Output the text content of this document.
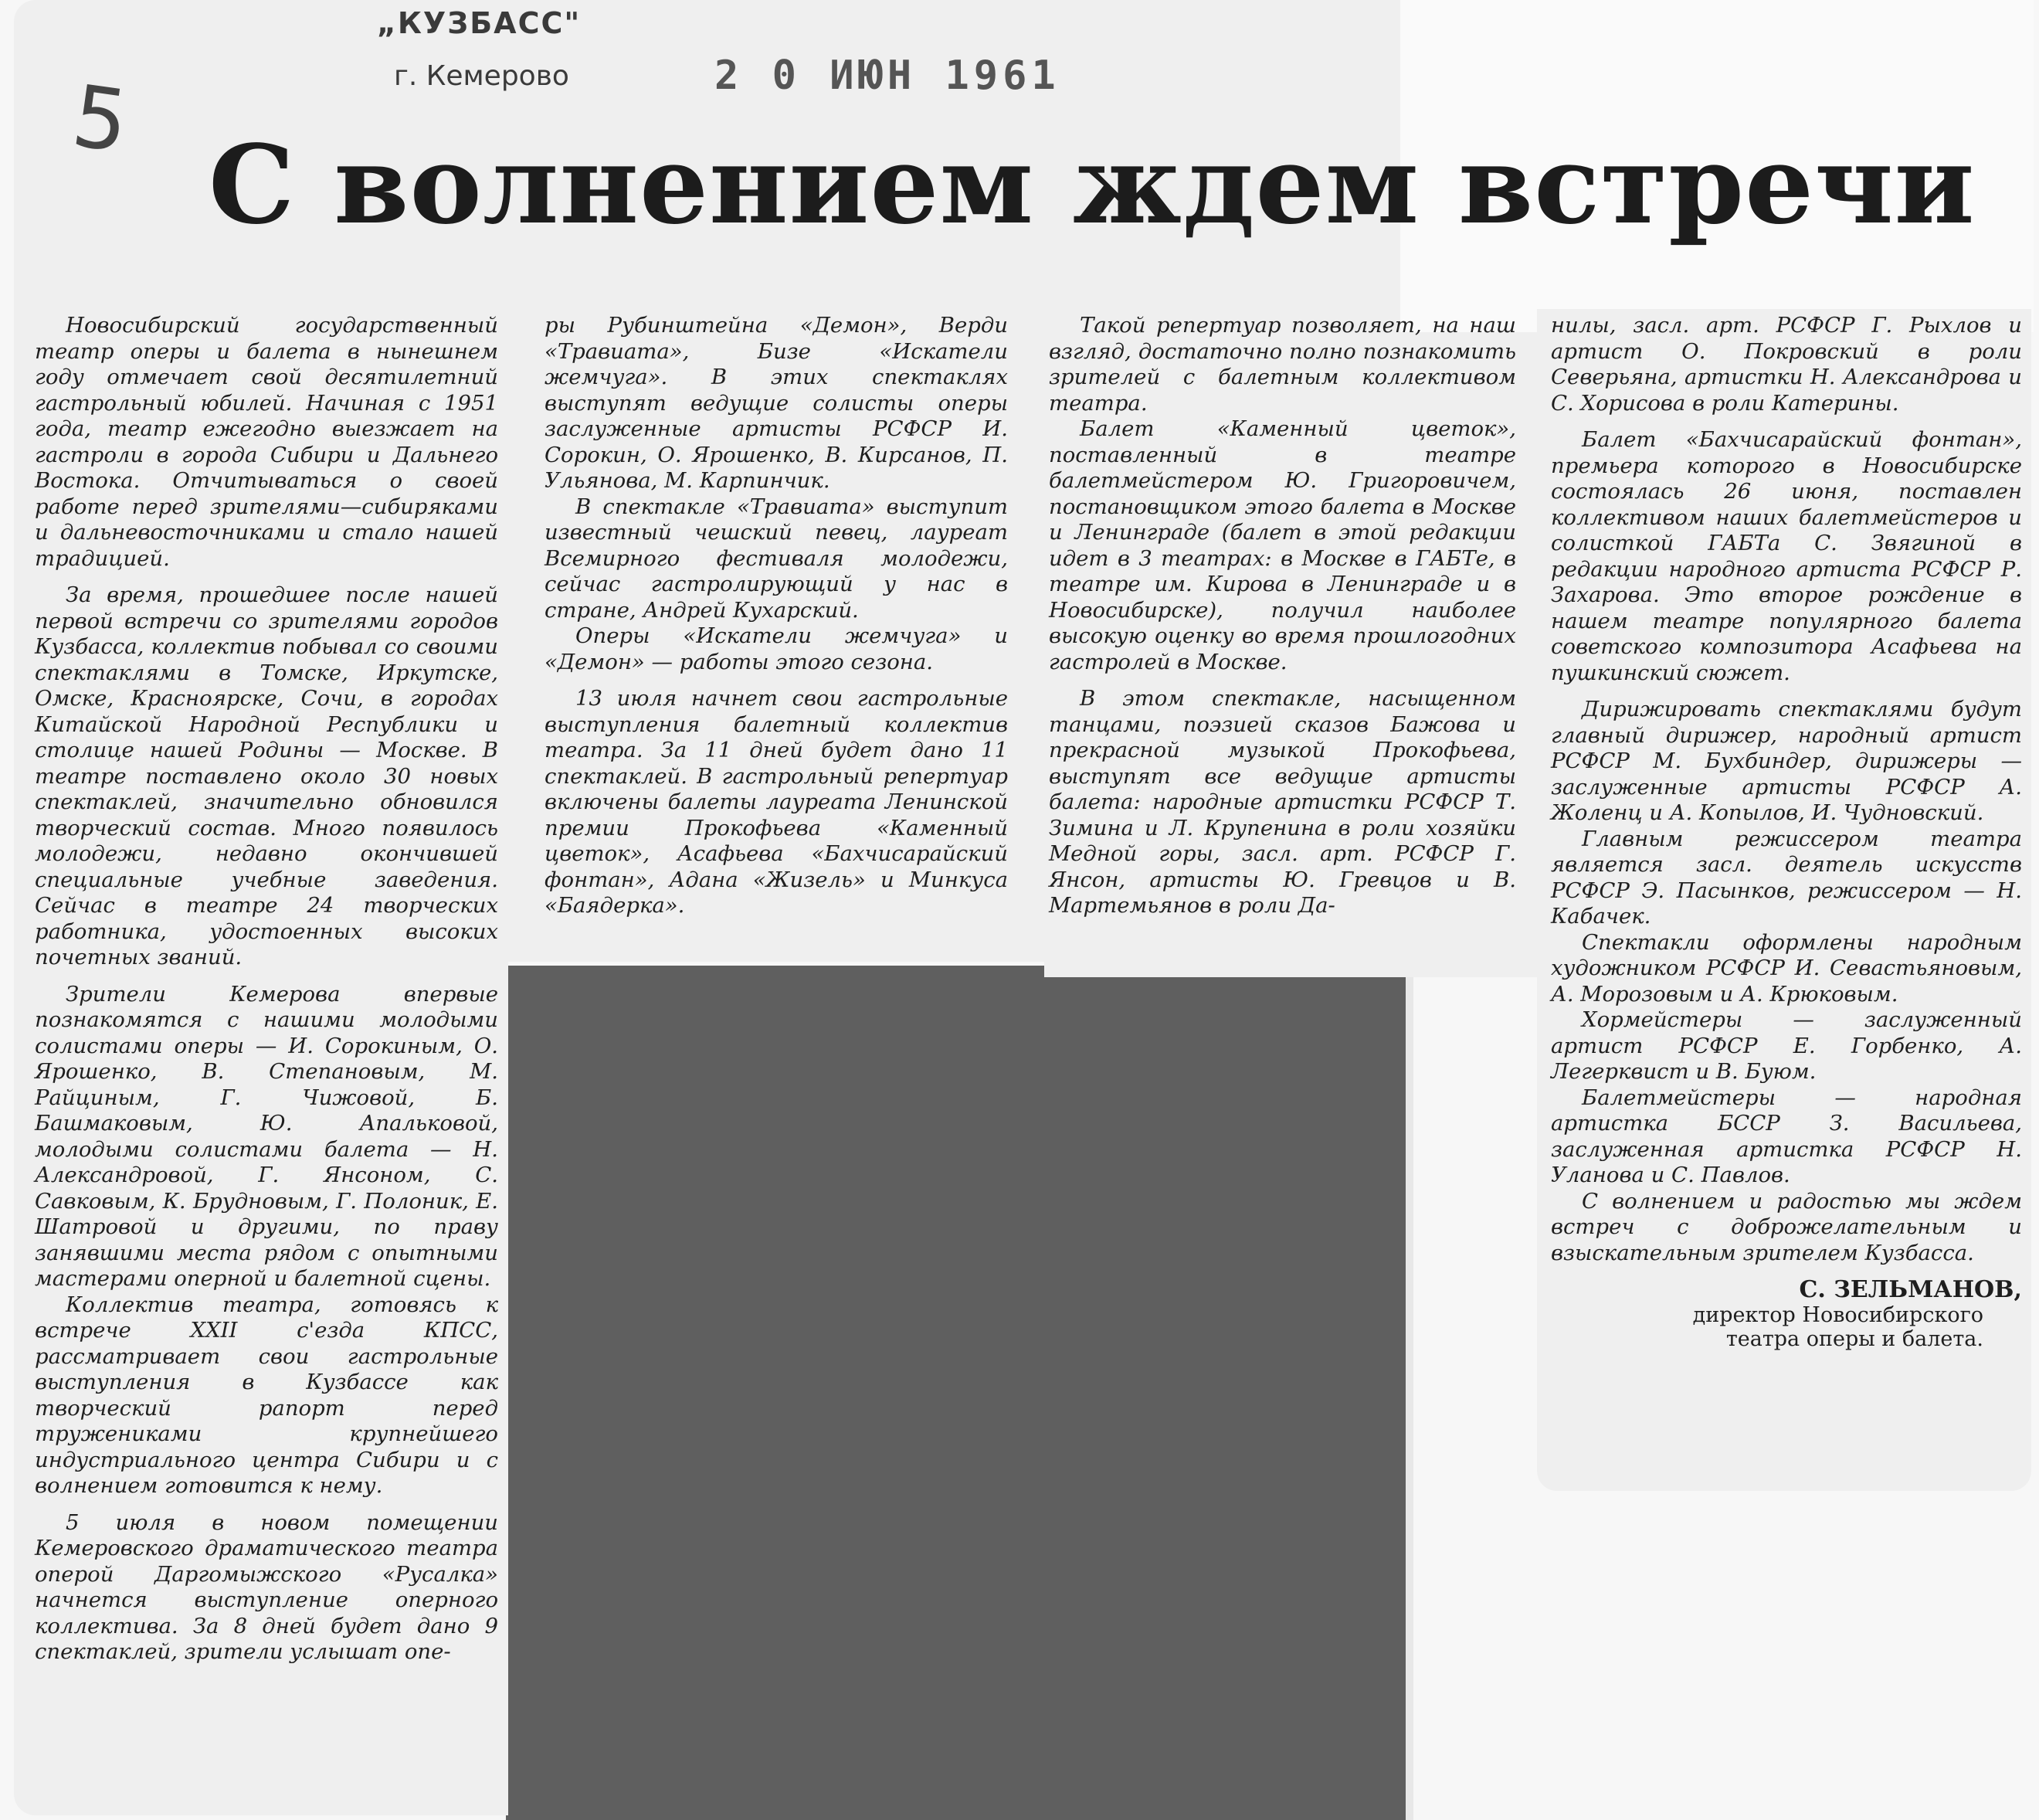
„КУЗБАСС"
г. Кемерово	2 0 ИЮН 1961
5
С волнением ждем встречи

Новосибирский государственный театр оперы и балета в нынешнем году отмечает свой десятилетний гастрольный юбилей. Начиная с 1951 года, театр ежегодно выезжает на гастроли в города Сибири и Дальнего Востока. Отчитываться о своей работе перед зрителями—сибиряками и дальневосточниками и стало нашей традицией.

За время, прошедшее после нашей первой встречи со зрителями городов Кузбасса, коллектив побывал со своими спектаклями в Томске, Иркутске, Омске, Красноярске, Сочи, в городах Китайской Народной Республики и столице нашей Родины — Москве. В театре поставлено около 30 новых спектаклей, значительно обновился творческий состав. Много появилось молодежи, недавно окончившей специальные учебные заведения. Сейчас в театре 24 творческих работника, удостоенных высоких почетных званий.

Зрители Кемерова впервые познакомятся с нашими молодыми солистами оперы — И. Сорокиным, О. Ярошенко, В. Степановым, М. Райциным, Г. Чижовой, Б. Башмаковым, Ю. Апальковой, молодыми солистами балета — Н. Александровой, Г. Янсоном, С. Савковым, К. Брудновым, Г. Полоник, Е. Шатровой и другими, по праву занявшими места рядом с опытными мастерами оперной и балетной сцены.

Коллектив театра, готовясь к встрече XXII с'езда КПСС, рассматривает свои гастрольные выступления в Кузбассе как творческий рапорт перед тружениками крупнейшего индустриального центра Сибири и с волнением готовится к нему.

5 июля в новом помещении Кемеровского драматического театра оперой Даргомыжского «Русалка» начнется выступление оперного коллектива. За 8 дней будет дано 9 спектаклей, зрители услышат опе-

ры Рубинштейна «Демон», Верди «Травиата», Бизе «Искатели жемчуга». В этих спектаклях выступят ведущие солисты оперы заслуженные артисты РСФСР И. Сорокин, О. Ярошенко, В. Кирсанов, П. Ульянова, М. Карпинчик.

В спектакле «Травиата» выступит известный чешский певец, лауреат Всемирного фестиваля молодежи, сейчас гастролирующий у нас в стране, Андрей Кухарский.

Оперы «Искатели жемчуга» и «Демон» — работы этого сезона.

13 июля начнет свои гастрольные выступления балетный коллектив театра. За 11 дней будет дано 11 спектаклей. В гастрольный репертуар включены балеты лауреата Ленинской премии Прокофьева «Каменный цветок», Асафьева «Бахчисарайский фонтан», Адана «Жизель» и Минкуса «Баядерка».

Такой репертуар позволяет, на наш взгляд, достаточно полно познакомить зрителей с балетным коллективом театра.

Балет «Каменный цветок», поставленный в театре балетмейстером Ю. Григоровичем, постановщиком этого балета в Москве и Ленинграде (балет в этой редакции идет в 3 театрах: в Москве в ГАБТе, в театре им. Кирова в Ленинграде и в Новосибирске), получил наиболее высокую оценку во время прошлогодних гастролей в Москве.

В этом спектакле, насыщенном танцами, поэзией сказов Бажова и прекрасной музыкой Прокофьева, выступят все ведущие артисты балета: народные артистки РСФСР Т. Зимина и Л. Крупенина в роли хозяйки Медной горы, засл. арт. РСФСР Г. Янсон, артисты Ю. Гревцов и В. Мартемьянов в роли Да-

нилы, засл. арт. РСФСР Г. Рыхлов и артист О. Покровский в роли Северьяна, артистки Н. Александрова и С. Хорисова в роли Катерины.

Балет «Бахчисарайский фонтан», премьера которого в Новосибирске состоялась 26 июня, поставлен коллективом наших балетмейстеров и солисткой ГАБТа С. Звягиной в редакции народного артиста РСФСР Р. Захарова. Это второе рождение в нашем театре популярного балета советского композитора Асафьева на пушкинский сюжет.

Дирижировать спектаклями будут главный дирижер, народный артист РСФСР М. Бухбиндер, дирижеры — заслуженные артисты РСФСР А. Жоленц и А. Копылов, И. Чудновский.

Главным режиссером театра является засл. деятель искусств РСФСР Э. Пасынков, режиссером — Н. Кабачек.

Спектакли оформлены народным художником РСФСР И. Севастьяновым, А. Морозовым и А. Крюковым.

Хормейстеры — заслуженный артист РСФСР Е. Горбенко, А. Легерквист и В. Буюм.

Балетмейстеры — народная артистка БССР З. Васильева, заслуженная артистка РСФСР Н. Уланова и С. Павлов.

С волнением и радостью мы ждем встреч с доброжелательным и взыскательным зрителем Кузбасса.

С. ЗЕЛЬМАНОВ,
директор Новосибирского
театра оперы и балета.
